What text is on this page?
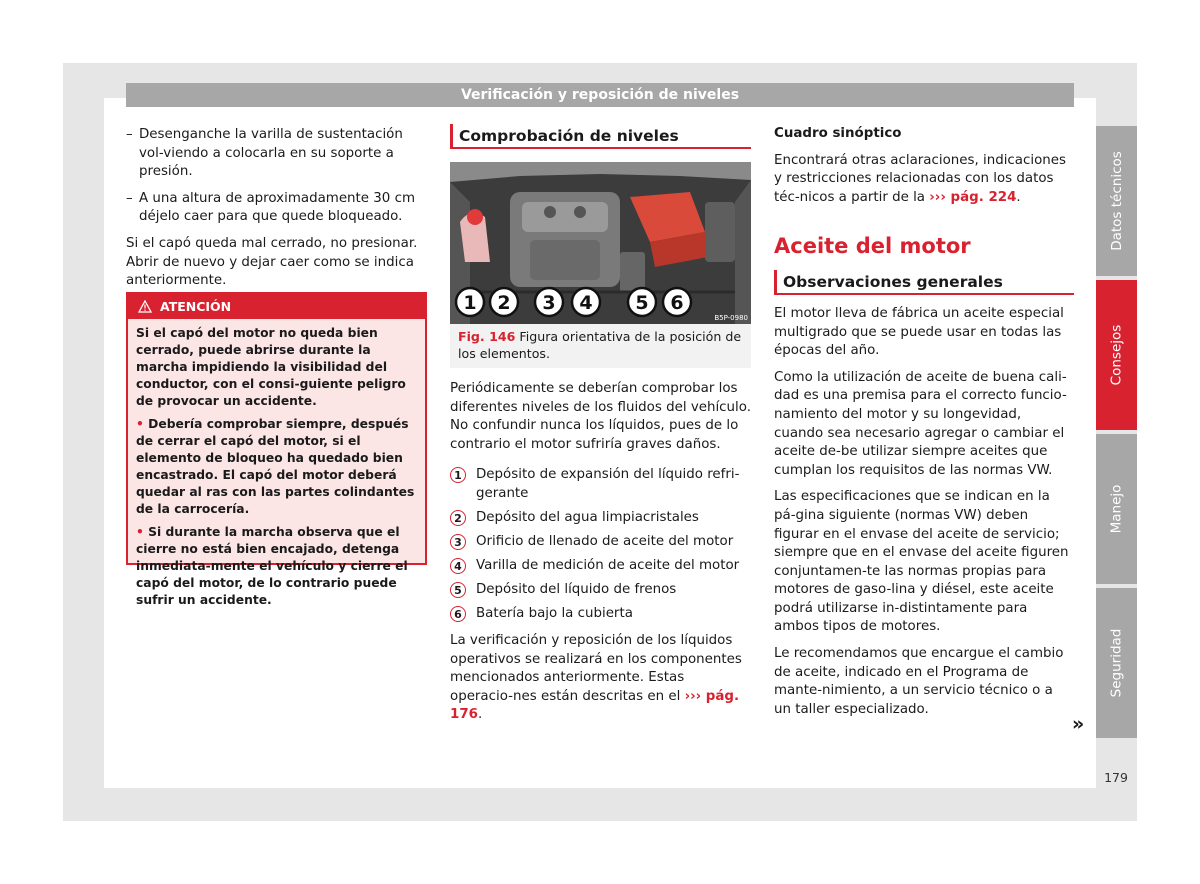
Verificación y reposición de niveles
– Desenganche la varilla de sustentación vol-viendo a colocarla en su soporte a presión.
– A una altura de aproximadamente 30 cm déjelo caer para que quede bloqueado.

Si el capó queda mal cerrado, no presionar. Abrir de nuevo y dejar caer como se indica anteriormente.

ATENCIÓN

Si el capó del motor no queda bien cerrado, puede abrirse durante la marcha impidiendo la visibilidad del conductor, con el consi-guiente peligro de provocar un accidente.

• Debería comprobar siempre, después de cerrar el capó del motor, si el elemento de bloqueo ha quedado bien encastrado. El capó del motor deberá quedar al ras con las partes colindantes de la carrocería.

• Si durante la marcha observa que el cierre no está bien encajado, detenga inmediata-mente el vehículo y cierre el capó del motor, de lo contrario puede sufrir un accidente.

Comprobación de niveles
1 2 3 4 5 6
B5P-0980
Fig. 146 Figura orientativa de la posición de los elementos.

Periódicamente se deberían comprobar los diferentes niveles de los fluidos del vehículo. No confundir nunca los líquidos, pues de lo contrario el motor sufriría graves daños.

1	Depósito de expansión del líquido refri-gerante
2	Depósito del agua limpiacristales
3	Orificio de llenado de aceite del motor
4	Varilla de medición de aceite del motor
5	Depósito del líquido de frenos
6	Batería bajo la cubierta

La verificación y reposición de los líquidos operativos se realizará en los componentes mencionados anteriormente. Estas operacio-nes están descritas en el ››› pág. 176.

Cuadro sinóptico

Encontrará otras aclaraciones, indicaciones y restricciones relacionadas con los datos téc-nicos a partir de la ››› pág. 224.

Aceite del motor
Observaciones generales

El motor lleva de fábrica un aceite especial multigrado que se puede usar en todas las épocas del año.

Como la utilización de aceite de buena cali-dad es una premisa para el correcto funcio-namiento del motor y su longevidad, cuando sea necesario agregar o cambiar el aceite de-be utilizar siempre aceites que cumplan los requisitos de las normas VW.

Las especificaciones que se indican en la pá-gina siguiente (normas VW) deben figurar en el envase del aceite de servicio; siempre que en el envase del aceite figuren conjuntamen-te las normas propias para motores de gaso-lina y diésel, este aceite podrá utilizarse in-distintamente para ambos tipos de motores.

Le recomendamos que encargue el cambio de aceite, indicado en el Programa de mante-nimiento, a un servicio técnico o a un taller especializado.

»
Datos técnicos
Consejos
Manejo
Seguridad
179
